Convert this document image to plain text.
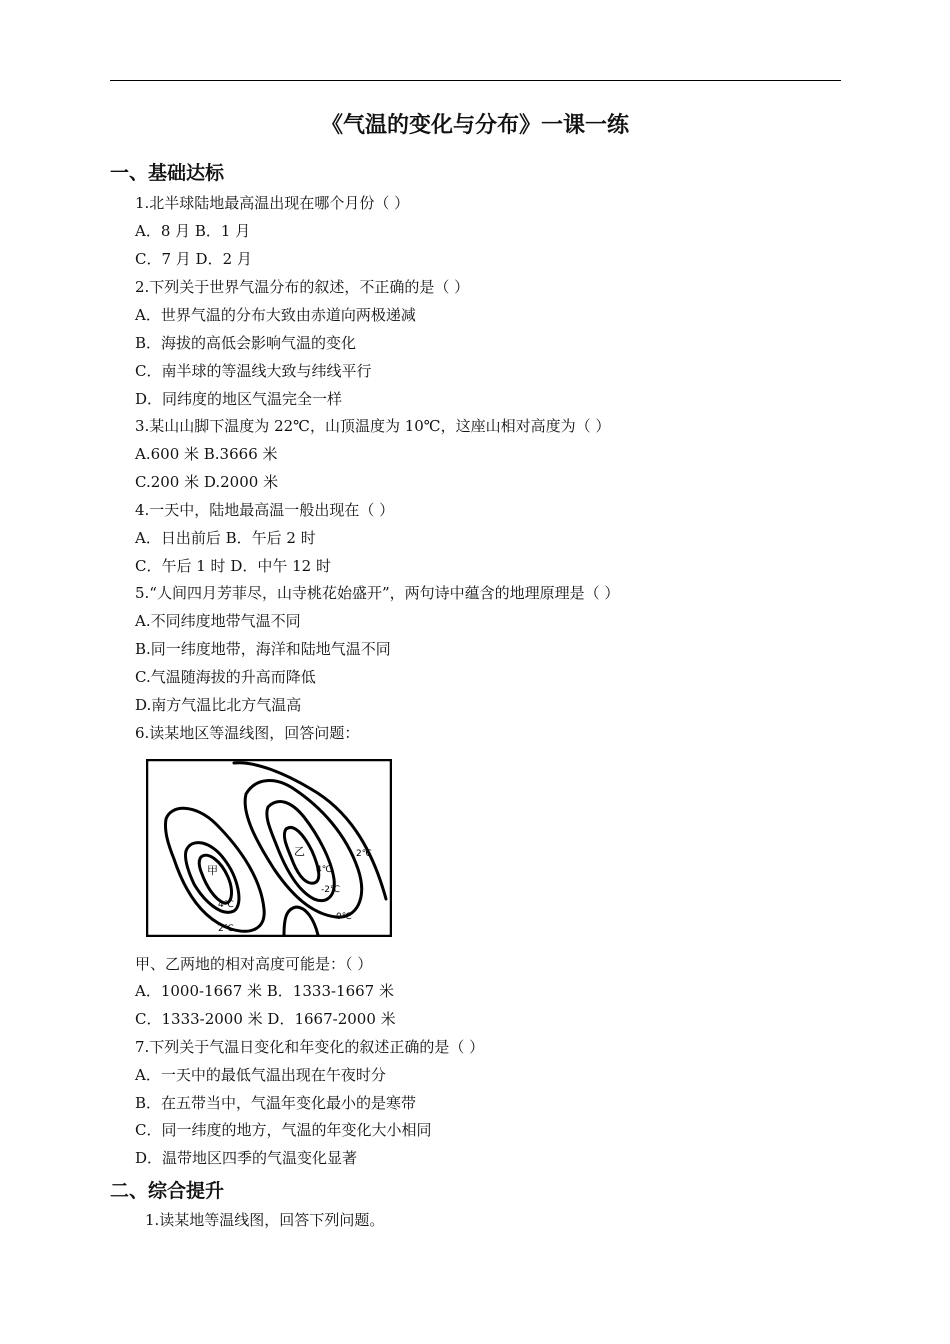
《气温的变化与分布》一课一练
一、基础达标
1.北半球陆地最高温出现在哪个月份（ ）
A．8 月 B．1 月
C．7 月 D．2 月
2.下列关于世界气温分布的叙述，不正确的是（ ）
A．世界气温的分布大致由赤道向两极递减
B．海拔的高低会影响气温的变化
C．南半球的等温线大致与纬线平行
D．同纬度的地区气温完全一样
3.某山山脚下温度为 22℃，山顶温度为 10℃，这座山相对高度为（ ）
A.600 米 B.3666 米
C.200 米 D.2000 米
4.一天中，陆地最高温一般出现在（ ）
A．日出前后 B．午后 2 时
C．午后 1 时 D．中午 12 时
5.“人间四月芳菲尽，山寺桃花始盛开”，两句诗中蕴含的地理原理是（ ）
A.不同纬度地带气温不同
B.同一纬度地带，海洋和陆地气温不同
C.气温随海拔的升高而降低
D.南方气温比北方气温高
6.读某地区等温线图，回答问题：
甲
乙
4℃
2℃
2℃
4℃
-2℃
0℃
甲、乙两地的相对高度可能是：（ ）
A．1000-1667 米 B．1333-1667 米
C．1333-2000 米 D．1667-2000 米
7.下列关于气温日变化和年变化的叙述正确的是（ ）
A．一天中的最低气温出现在午夜时分
B．在五带当中，气温年变化最小的是寒带
C．同一纬度的地方，气温的年变化大小相同
D．温带地区四季的气温变化显著
二、综合提升
1.读某地等温线图，回答下列问题。
